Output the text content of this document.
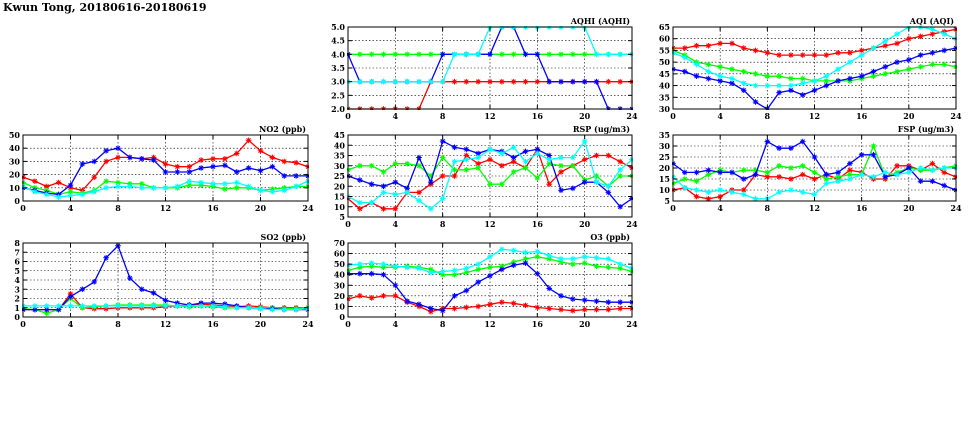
Kwun Tong, 20180616-20180619
0	4	8	12	16	20	24
2.0
2.5
3.0
3.5
4.0
4.5
5.0
AQHI (AQHI)
0	4	8	12	16	20	24
30
35
40
45
50
55
60
65
AQI (AQI)
0	4	8	12	16	20	24
0
10
20
30
40
50
NO2 (ppb)
0	4	8	12	16	20	24
5
10
15
20
25
30
35
40
45
RSP (ug/m3)
0	4	8	12	16	20	24
5
10
15
20
25
30
35
FSP (ug/m3)
0	4	8	12	16	20	24
0
1
2
3
4
5
6
7
8
SO2 (ppb)
0	4	8	12	16	20	24
0
10
20
30
40
50
60
70
O3 (ppb)
